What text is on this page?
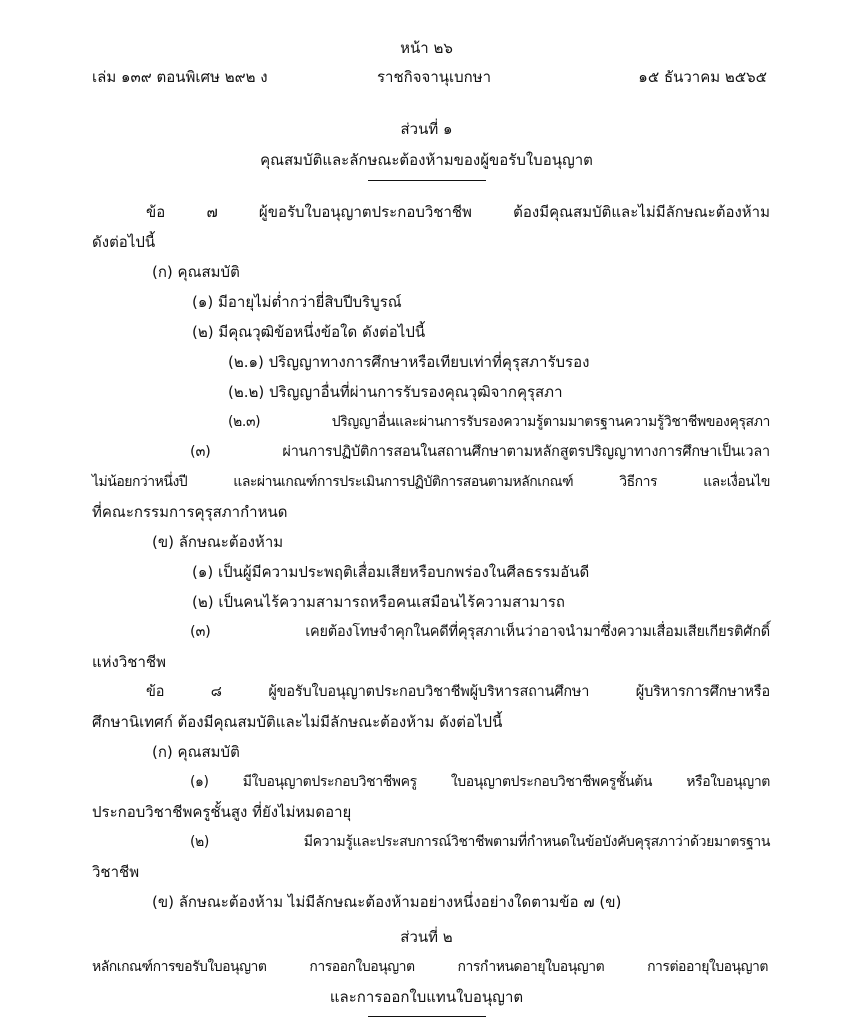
หน้า ๒๖
เล่ม ๑๓๙ ตอนพิเศษ ๒๙๒ ง	ราชกิจจานุเบกษา	๑๕ ธันวาคม ๒๕๖๕
ส่วนที่ ๑
คุณสมบัติและลักษณะต้องห้ามของผู้ขอรับใบอนุญาต
ข้อ ๗ ผู้ขอรับใบอนุญาตประกอบวิชาชีพ ต้องมีคุณสมบัติและไม่มีลักษณะต้องห้าม
ดังต่อไปนี้
(ก) คุณสมบัติ
(๑) มีอายุไม่ต่ำกว่ายี่สิบปีบริบูรณ์
(๒) มีคุณวุฒิข้อหนึ่งข้อใด ดังต่อไปนี้
(๒.๑) ปริญญาทางการศึกษาหรือเทียบเท่าที่คุรุสภารับรอง
(๒.๒) ปริญญาอื่นที่ผ่านการรับรองคุณวุฒิจากคุรุสภา
(๒.๓) ปริญญาอื่นและผ่านการรับรองความรู้ตามมาตรฐานความรู้วิชาชีพของคุรุสภา
(๓) ผ่านการปฏิบัติการสอนในสถานศึกษาตามหลักสูตรปริญญาทางการศึกษาเป็นเวลา
ไม่น้อยกว่าหนึ่งปี และผ่านเกณฑ์การประเมินการปฏิบัติการสอนตามหลักเกณฑ์ วิธีการ และเงื่อนไข
ที่คณะกรรมการคุรุสภากำหนด
(ข) ลักษณะต้องห้าม
(๑) เป็นผู้มีความประพฤติเสื่อมเสียหรือบกพร่องในศีลธรรมอันดี
(๒) เป็นคนไร้ความสามารถหรือคนเสมือนไร้ความสามารถ
(๓) เคยต้องโทษจำคุกในคดีที่คุรุสภาเห็นว่าอาจนำมาซึ่งความเสื่อมเสียเกียรติศักดิ์
แห่งวิชาชีพ
ข้อ ๘ ผู้ขอรับใบอนุญาตประกอบวิชาชีพผู้บริหารสถานศึกษา ผู้บริหารการศึกษาหรือ
ศึกษานิเทศก์ ต้องมีคุณสมบัติและไม่มีลักษณะต้องห้าม ดังต่อไปนี้
(ก) คุณสมบัติ
(๑) มีใบอนุญาตประกอบวิชาชีพครู ใบอนุญาตประกอบวิชาชีพครูชั้นต้น หรือใบอนุญาต
ประกอบวิชาชีพครูชั้นสูง ที่ยังไม่หมดอายุ
(๒) มีความรู้และประสบการณ์วิชาชีพตามที่กำหนดในข้อบังคับคุรุสภาว่าด้วยมาตรฐาน
วิชาชีพ
(ข) ลักษณะต้องห้าม ไม่มีลักษณะต้องห้ามอย่างหนึ่งอย่างใดตามข้อ ๗ (ข)
ส่วนที่ ๒
หลักเกณฑ์การขอรับใบอนุญาต การออกใบอนุญาต การกำหนดอายุใบอนุญาต การต่ออายุใบอนุญาต
และการออกใบแทนใบอนุญาต
